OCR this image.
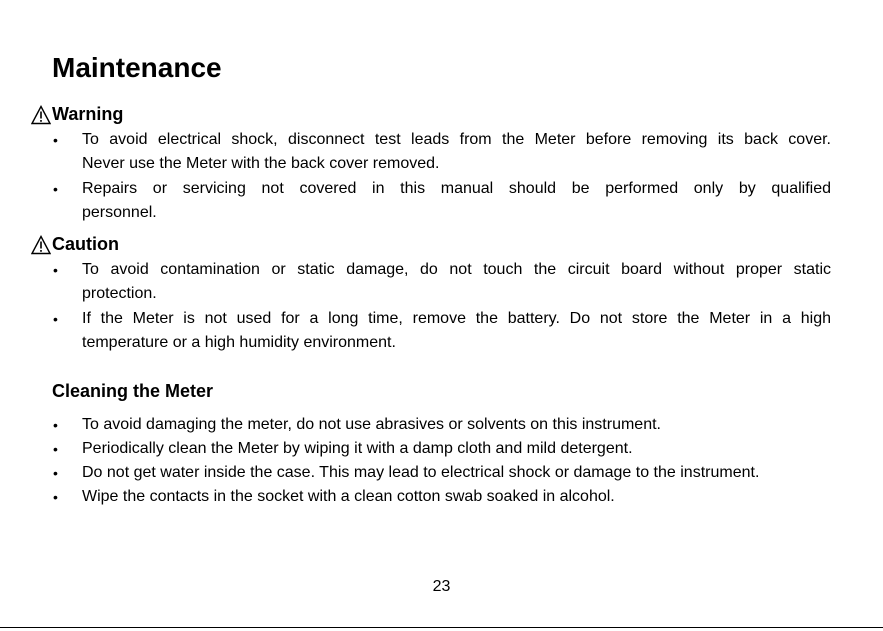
Maintenance
Warning
• To avoid electrical shock, disconnect test leads from the Meter before removing its back cover.
Never use the Meter with the back cover removed.
• Repairs or servicing not covered in this manual should be performed only by qualified
personnel.
Caution
• To avoid contamination or static damage, do not touch the circuit board without proper static
protection.
• If the Meter is not used for a long time, remove the battery. Do not store the Meter in a high
temperature or a high humidity environment.
Cleaning the Meter
• To avoid damaging the meter, do not use abrasives or solvents on this instrument.
• Periodically clean the Meter by wiping it with a damp cloth and mild detergent.
• Do not get water inside the case. This may lead to electrical shock or damage to the instrument.
• Wipe the contacts in the socket with a clean cotton swab soaked in alcohol.
23
